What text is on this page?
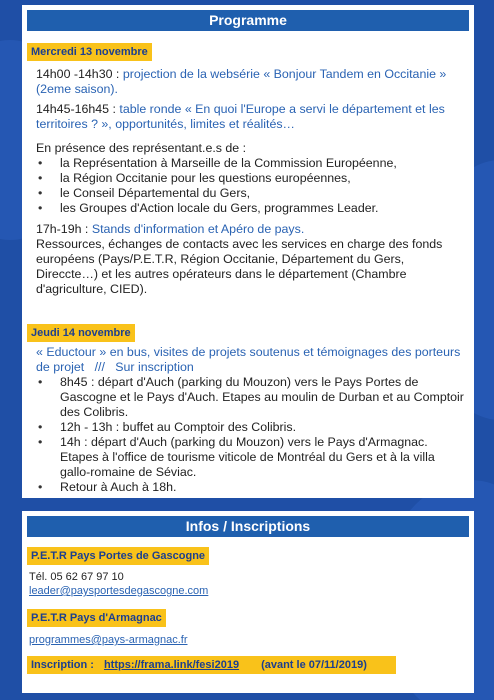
Programme
Mercredi 13 novembre

14h00 -14h30 : projection de la websérie « Bonjour Tandem en Occitanie » (2eme saison).

14h45-16h45 : table ronde « En quoi l'Europe a servi le département et les territoires ? », opportunités, limites et réalités…

En présence des représentant.e.s de :

• la Représentation à Marseille de la Commission Européenne,
• la Région Occitanie pour les questions européennes,
• le Conseil Départemental du Gers,
• les Groupes d'Action locale du Gers, programmes Leader.

17h-19h : Stands d'information et Apéro de pays.

Ressources, échanges de contacts avec les services en charge des fonds européens (Pays/P.E.T.R, Région Occitanie, Département du Gers, Direccte…) et les autres opérateurs dans le département (Chambre d'agriculture, CIED).

Jeudi 14 novembre

« Eductour » en bus, visites de projets soutenus et témoignages des porteurs de projet /// Sur inscription

• 8h45 : départ d'Auch (parking du Mouzon) vers le Pays Portes de Gascogne et le Pays d'Auch. Etapes au moulin de Durban et au Comptoir des Colibris.
• 12h - 13h : buffet au Comptoir des Colibris.
• 14h : départ d'Auch (parking du Mouzon) vers le Pays d'Armagnac. Etapes à l'office de tourisme viticole de Montréal du Gers et à la villa gallo-romaine de Séviac.
• Retour à Auch à 18h.
Infos / Inscriptions
P.E.T.R Pays Portes de Gascogne
Tél. 05 62 67 97 10
leader@paysportesdegascogne.com
P.E.T.R Pays d'Armagnac
programmes@pays-armagnac.fr
Inscription : https://frama.link/fesi2019 (avant le 07/11/2019)
